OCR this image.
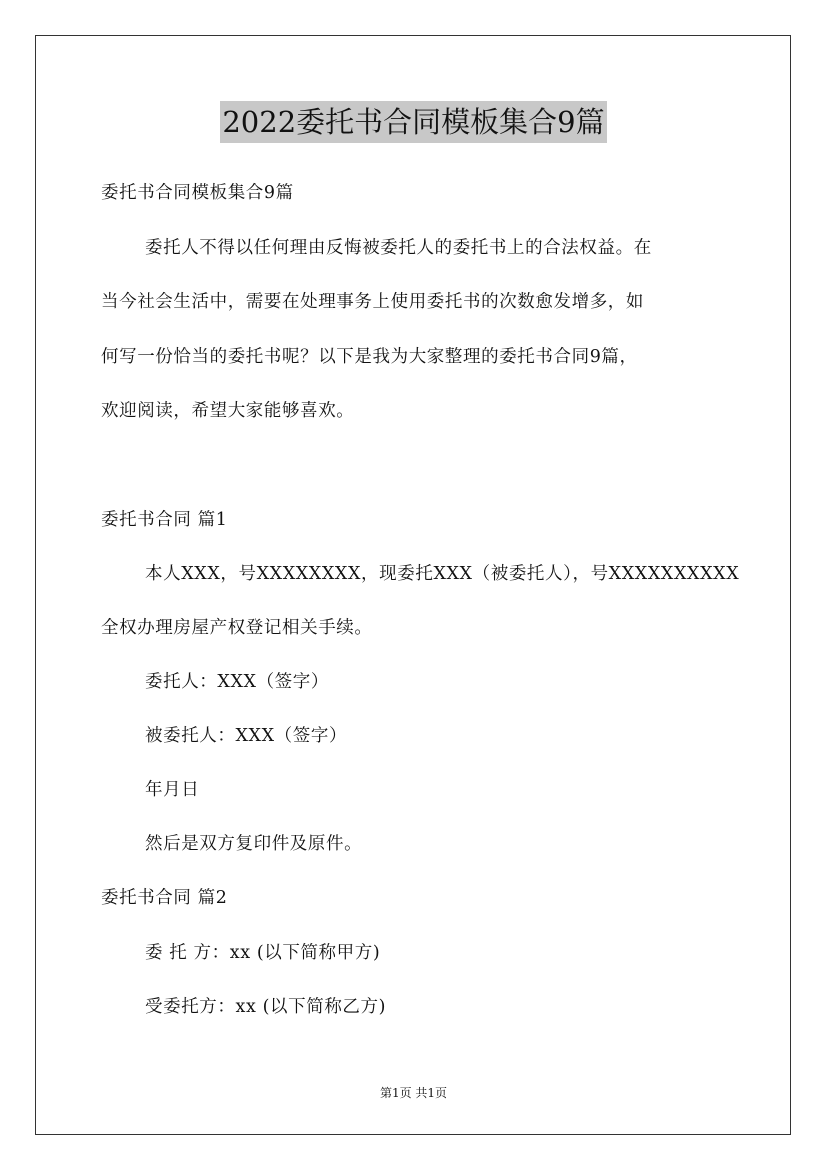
2022委托书合同模板集合9篇
委托书合同模板集合9篇
委托人不得以任何理由反悔被委托人的委托书上的合法权益。在
当今社会生活中，需要在处理事务上使用委托书的次数愈发增多，如
何写一份恰当的委托书呢？以下是我为大家整理的委托书合同9篇，
欢迎阅读，希望大家能够喜欢。
委托书合同 篇1
本人XXX，号XXXXXXXX，现委托XXX（被委托人），号XXXXXXXXXX
全权办理房屋产权登记相关手续。
委托人：XXX（签字）
被委托人：XXX（签字）
年月日
然后是双方复印件及原件。
委托书合同 篇2
委 托 方：xx (以下简称甲方)
受委托方：xx (以下简称乙方)
第1页 共1页
